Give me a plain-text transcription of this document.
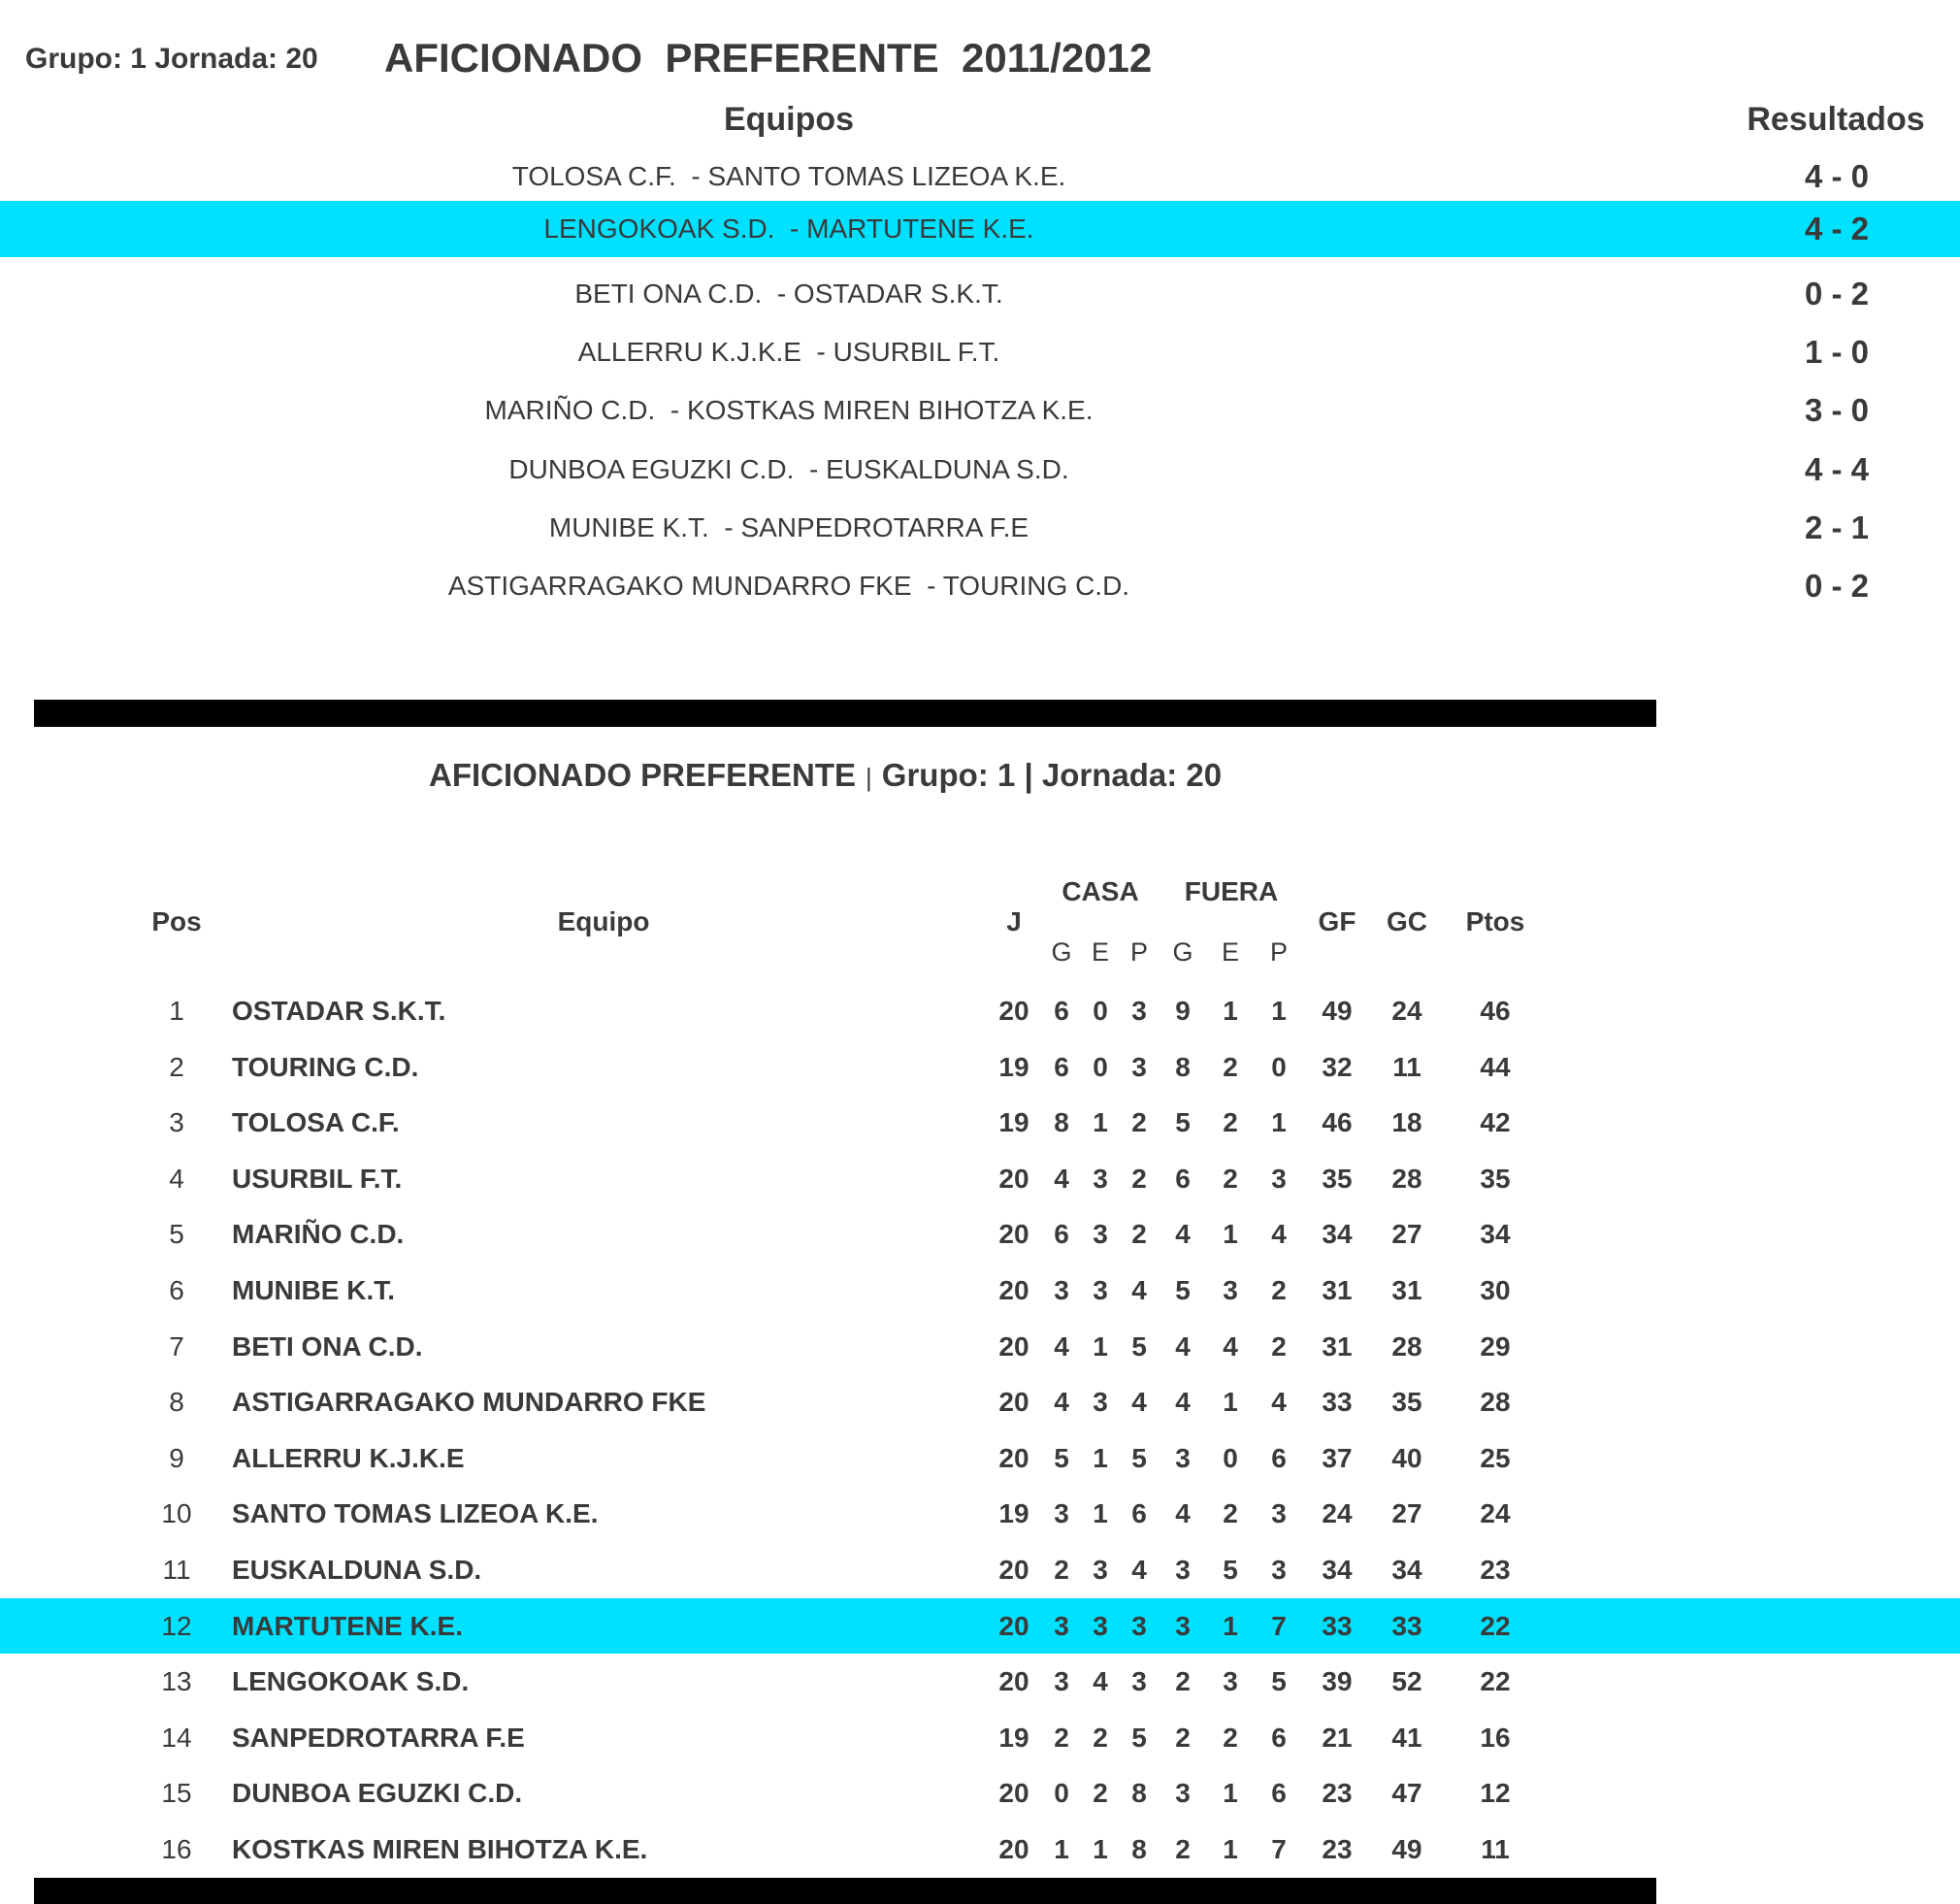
Grupo: 1 Jornada: 20 AFICIONADO  PREFERENTE  2011/2012
Equipos	Resultados
TOLOSA C.F.  - SANTO TOMAS LIZEOA K.E.	4 - 0
LENGOKOAK S.D.  - MARTUTENE K.E.	4 - 2
BETI ONA C.D.  - OSTADAR S.K.T.	0 - 2
ALLERRU K.J.K.E  - USURBIL F.T.	1 - 0
MARIÑO C.D.  - KOSTKAS MIREN BIHOTZA K.E.	3 - 0
DUNBOA EGUZKI C.D.  - EUSKALDUNA S.D.	4 - 4
MUNIBE K.T.  - SANPEDROTARRA F.E	2 - 1
ASTIGARRAGAKO MUNDARRO FKE  - TOURING C.D.	0 - 2
AFICIONADO PREFERENTE | Grupo: 1 | Jornada: 20
Pos	Equipo	J
CASA FUERA
G E P G E P
GF GC Ptos
1 OSTADAR S.K.T.	20 6 0 3 9 1 1 49 24 46
2 TOURING C.D.	19 6 0 3 8 2 0 32 11 44
3 TOLOSA C.F.	19 8 1 2 5 2 1 46 18 42
4 USURBIL F.T.	20 4 3 2 6 2 3 35 28 35
5 MARIÑO C.D.	20 6 3 2 4 1 4 34 27 34
6 MUNIBE K.T.	20 3 3 4 5 3 2 31 31 30
7 BETI ONA C.D.	20 4 1 5 4 4 2 31 28 29
8 ASTIGARRAGAKO MUNDARRO FKE	20 4 3 4 4 1 4 33 35 28
9 ALLERRU K.J.K.E	20 5 1 5 3 0 6 37 40 25
10 SANTO TOMAS LIZEOA K.E.	19 3 1 6 4 2 3 24 27 24
11 EUSKALDUNA S.D.	20 2 3 4 3 5 3 34 34 23
12 MARTUTENE K.E.	20 3 3 3 3 1 7 33 33 22
13 LENGOKOAK S.D.	20 3 4 3 2 3 5 39 52 22
14 SANPEDROTARRA F.E	19 2 2 5 2 2 6 21 41 16
15 DUNBOA EGUZKI C.D.	20 0 2 8 3 1 6 23 47 12
16 KOSTKAS MIREN BIHOTZA K.E.	20 1 1 8 2 1 7 23 49 11
